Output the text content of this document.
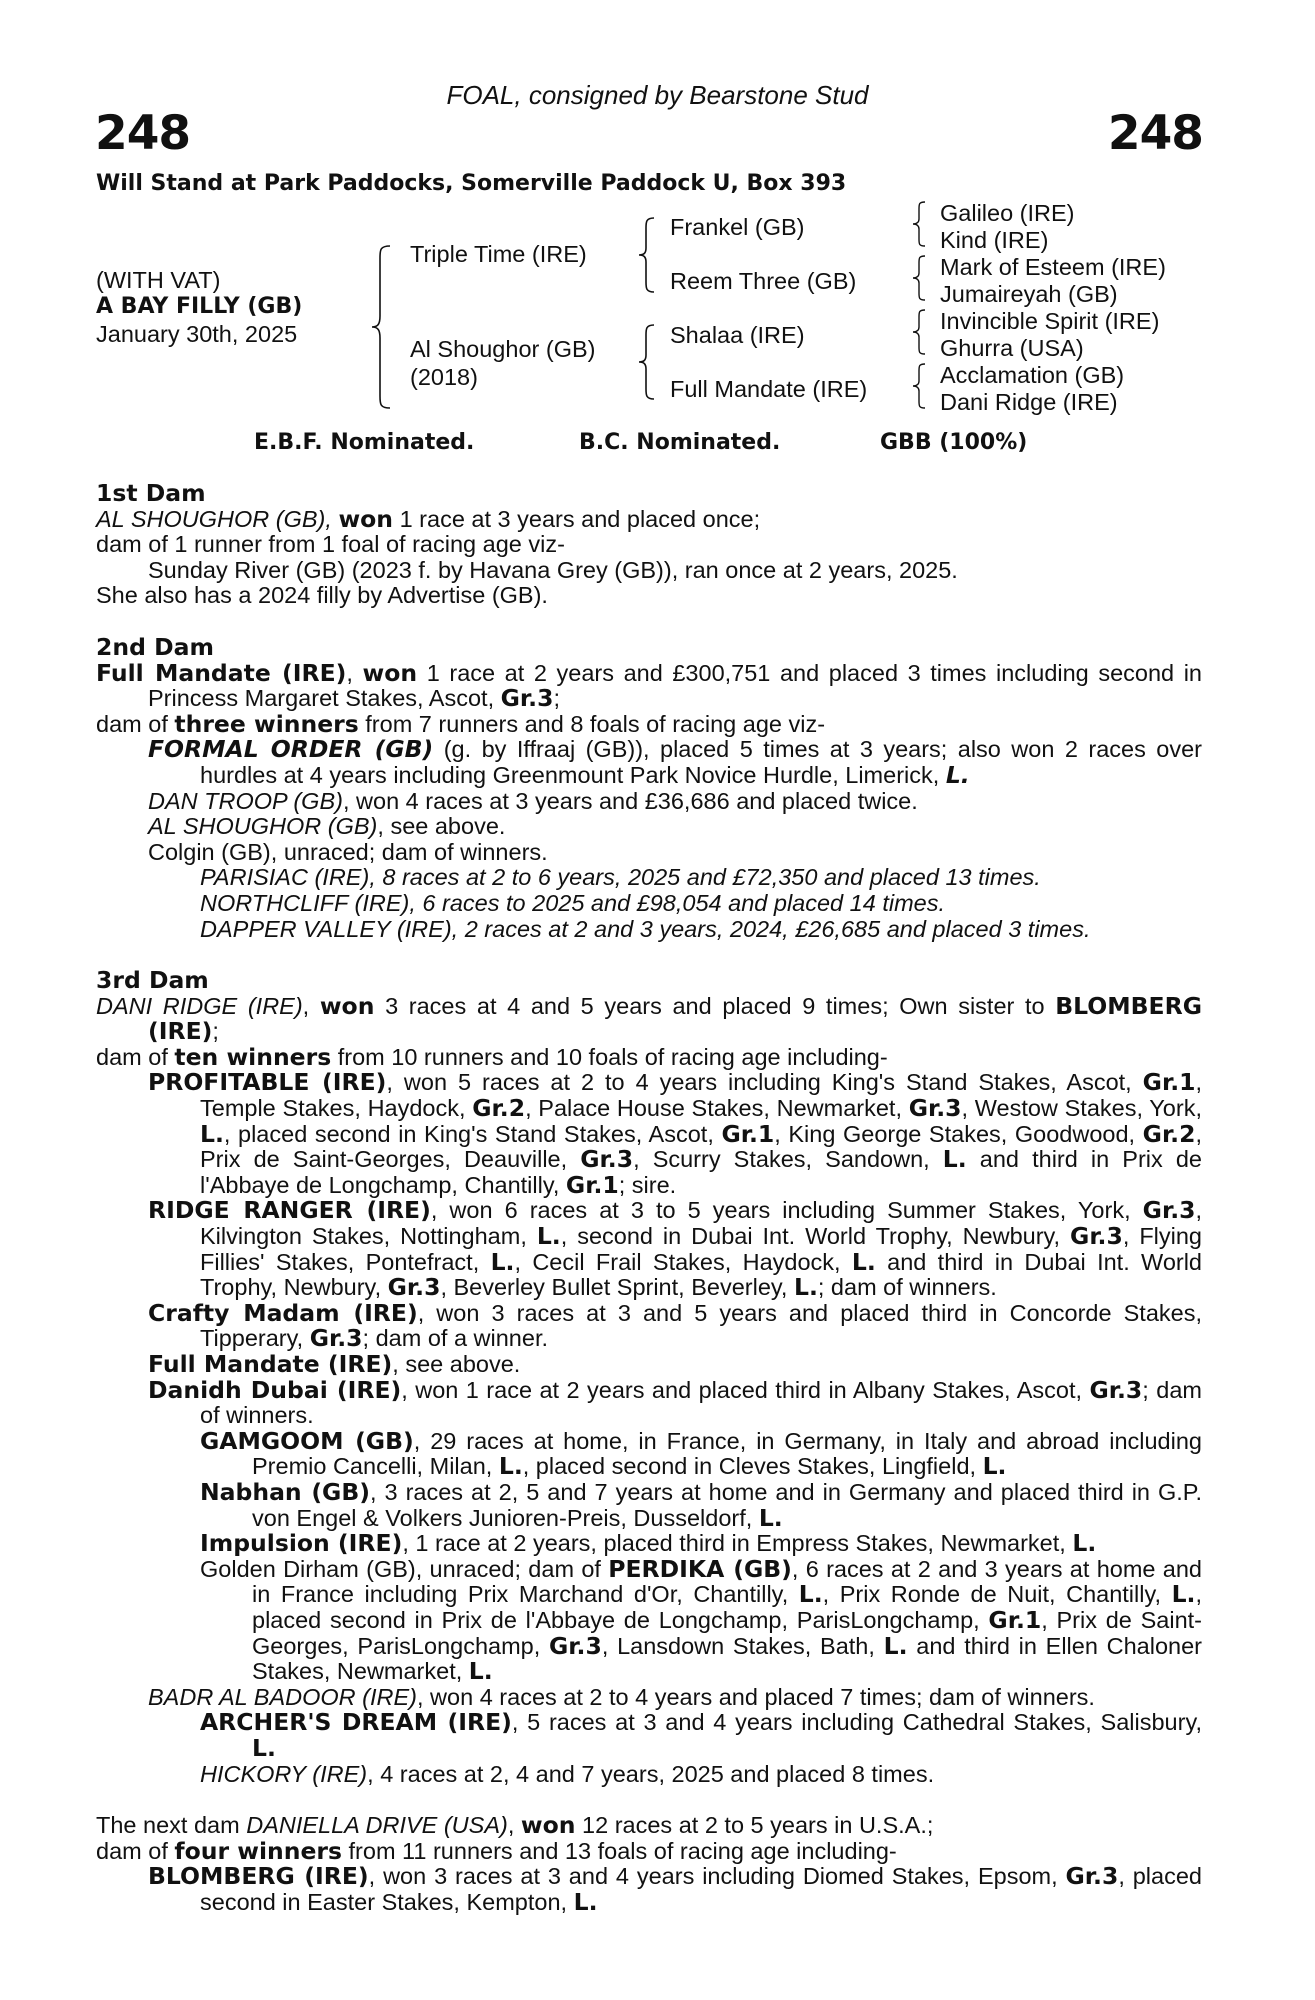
FOAL, consigned by Bearstone Stud
248	248
Will Stand at Park Paddocks, Somerville Paddock U, Box 393
(WITH VAT)
A BAY FILLY (GB)
January 30th, 2025
Triple Time (IRE)
Al Shoughor (GB)
(2018)
Frankel (GB)
Reem Three (GB)
Shalaa (IRE)
Full Mandate (IRE)
Galileo (IRE)
Kind (IRE)
Mark of Esteem (IRE)
Jumaireyah (GB)
Invincible Spirit (IRE)
Ghurra (USA)
Acclamation (GB)
Dani Ridge (IRE)
E.B.F. Nominated.	B.C. Nominated.	GBB (100%)

1st Dam

AL SHOUGHOR (GB), won 1 race at 3 years and placed once;

dam of 1 runner from 1 foal of racing age viz-

Sunday River (GB) (2023 f. by Havana Grey (GB)), ran once at 2 years, 2025.

She also has a 2024 filly by Advertise (GB).

2nd Dam

Full Mandate (IRE), won 1 race at 2 years and £300,751 and placed 3 times including second in Princess Margaret Stakes, Ascot, Gr.3;

dam of three winners from 7 runners and 8 foals of racing age viz-

FORMAL ORDER (GB) (g. by Iffraaj (GB)), placed 5 times at 3 years; also won 2 races over hurdles at 4 years including Greenmount Park Novice Hurdle, Limerick, L.

DAN TROOP (GB), won 4 races at 3 years and £36,686 and placed twice.

AL SHOUGHOR (GB), see above.

Colgin (GB), unraced; dam of winners.

PARISIAC (IRE), 8 races at 2 to 6 years, 2025 and £72,350 and placed 13 times.

NORTHCLIFF (IRE), 6 races to 2025 and £98,054 and placed 14 times.

DAPPER VALLEY (IRE), 2 races at 2 and 3 years, 2024, £26,685 and placed 3 times.

3rd Dam

DANI RIDGE (IRE), won 3 races at 4 and 5 years and placed 9 times; Own sister to BLOMBERG (IRE);

dam of ten winners from 10 runners and 10 foals of racing age including-

PROFITABLE (IRE), won 5 races at 2 to 4 years including King's Stand Stakes, Ascot, Gr.1, Temple Stakes, Haydock, Gr.2, Palace House Stakes, Newmarket, Gr.3, Westow Stakes, York, L., placed second in King's Stand Stakes, Ascot, Gr.1, King George Stakes, Goodwood, Gr.2, Prix de Saint-Georges, Deauville, Gr.3, Scurry Stakes, Sandown, L. and third in Prix de l'Abbaye de Longchamp, Chantilly, Gr.1; sire.

RIDGE RANGER (IRE), won 6 races at 3 to 5 years including Summer Stakes, York, Gr.3, Kilvington Stakes, Nottingham, L., second in Dubai Int. World Trophy, Newbury, Gr.3, Flying Fillies' Stakes, Pontefract, L., Cecil Frail Stakes, Haydock, L. and third in Dubai Int. World Trophy, Newbury, Gr.3, Beverley Bullet Sprint, Beverley, L.; dam of winners.

Crafty Madam (IRE), won 3 races at 3 and 5 years and placed third in Concorde Stakes, Tipperary, Gr.3; dam of a winner.

Full Mandate (IRE), see above.

Danidh Dubai (IRE), won 1 race at 2 years and placed third in Albany Stakes, Ascot, Gr.3; dam of winners.

GAMGOOM (GB), 29 races at home, in France, in Germany, in Italy and abroad including Premio Cancelli, Milan, L., placed second in Cleves Stakes, Lingfield, L.

Nabhan (GB), 3 races at 2, 5 and 7 years at home and in Germany and placed third in G.P. von Engel & Volkers Junioren-Preis, Dusseldorf, L.

Impulsion (IRE), 1 race at 2 years, placed third in Empress Stakes, Newmarket, L.

Golden Dirham (GB), unraced; dam of PERDIKA (GB), 6 races at 2 and 3 years at home and in France including Prix Marchand d'Or, Chantilly, L., Prix Ronde de Nuit, Chantilly, L., placed second in Prix de l'Abbaye de Longchamp, ParisLongchamp, Gr.1, Prix de Saint-Georges, ParisLongchamp, Gr.3, Lansdown Stakes, Bath, L. and third in Ellen Chaloner Stakes, Newmarket, L.

BADR AL BADOOR (IRE), won 4 races at 2 to 4 years and placed 7 times; dam of winners.

ARCHER'S DREAM (IRE), 5 races at 3 and 4 years including Cathedral Stakes, Salisbury, L.

HICKORY (IRE), 4 races at 2, 4 and 7 years, 2025 and placed 8 times.

The next dam DANIELLA DRIVE (USA), won 12 races at 2 to 5 years in U.S.A.;

dam of four winners from 11 runners and 13 foals of racing age including-

BLOMBERG (IRE), won 3 races at 3 and 4 years including Diomed Stakes, Epsom, Gr.3, placed second in Easter Stakes, Kempton, L.
